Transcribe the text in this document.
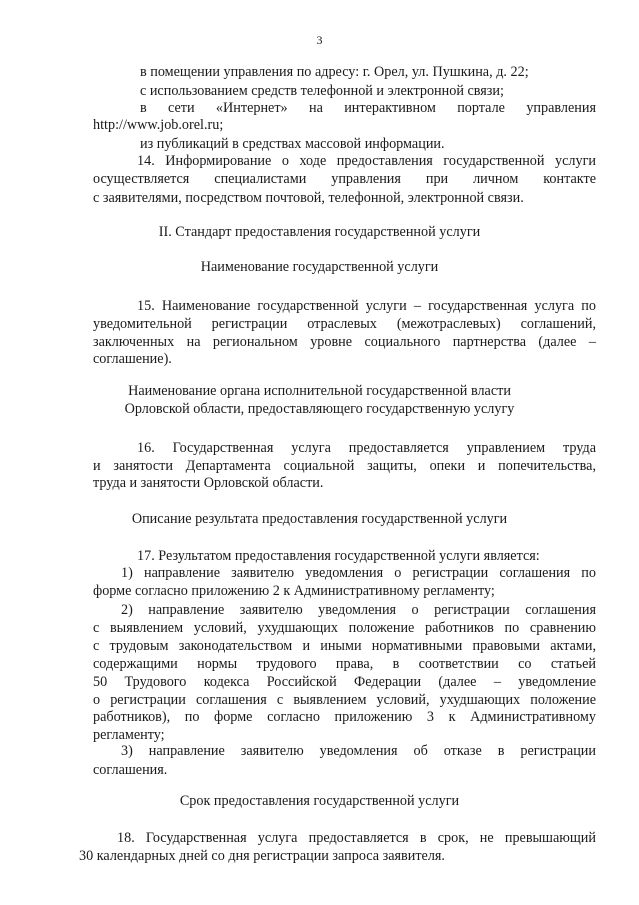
3
в помещении управления по адресу: г. Орел, ул. Пушкина, д. 22;
с использованием средств телефонной и электронной связи;
в сети «Интернет» на интерактивном портале управления
http://www.job.orel.ru;
из публикаций в средствах массовой информации.
14. Информирование о ходе предоставления государственной услуги
осуществляется специалистами управления при личном контакте
с заявителями, посредством почтовой, телефонной, электронной связи.
II. Стандарт предоставления государственной услуги
Наименование государственной услуги
15. Наименование государственной услуги – государственная услуга по
уведомительной регистрации отраслевых (межотраслевых) соглашений,
заключенных на региональном уровне социального партнерства (далее –
соглашение).
Наименование органа исполнительной государственной власти
Орловской области, предоставляющего государственную услугу
16. Государственная услуга предоставляется управлением труда
и занятости Департамента социальной защиты, опеки и попечительства,
труда и занятости Орловской области.
Описание результата предоставления государственной услуги
17. Результатом предоставления государственной услуги является:
1) направление заявителю уведомления о регистрации соглашения по
форме согласно приложению 2 к Административному регламенту;
2) направление заявителю уведомления о регистрации соглашения
с выявлением условий, ухудшающих положение работников по сравнению
с трудовым законодательством и иными нормативными правовыми актами,
содержащими нормы трудового права, в соответствии со статьей
50 Трудового кодекса Российской Федерации (далее – уведомление
о регистрации соглашения с выявлением условий, ухудшающих положение
работников), по форме согласно приложению 3 к Административному
регламенту;
3) направление заявителю уведомления об отказе в регистрации
соглашения.
Срок предоставления государственной услуги
18. Государственная услуга предоставляется в срок, не превышающий
30 календарных дней со дня регистрации запроса заявителя.
